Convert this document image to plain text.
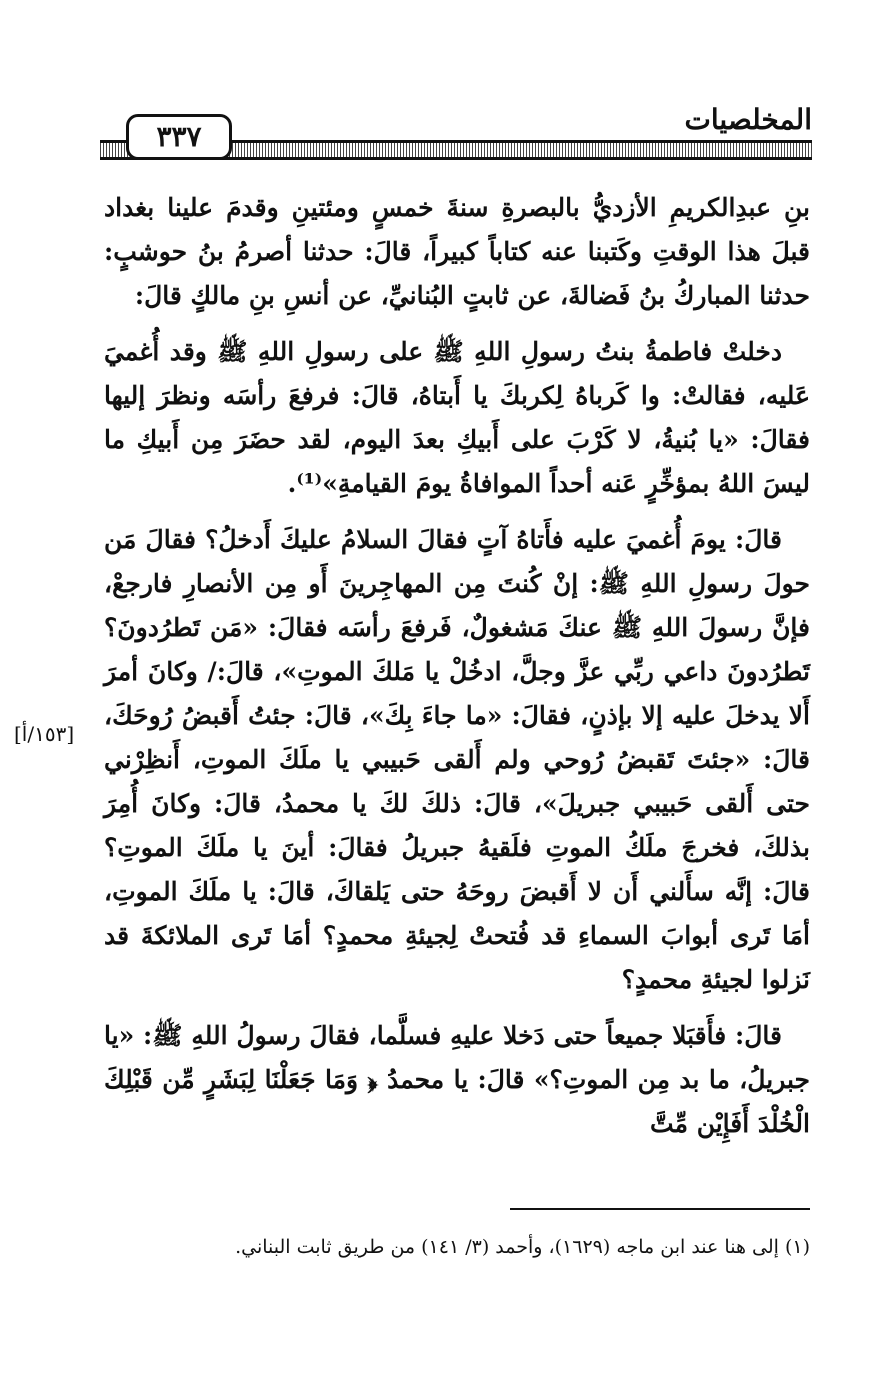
٣٣٧
المخلصيات

بنِ عبدِالكريمِ الأزديُّ بالبصرةِ سنةَ خمسٍ ومئتينِ وقدمَ علينا بغداد قبلَ هذا الوقتِ وكَتبنا عنه كتاباً كبيراً، قالَ: حدثنا أصرمُ بنُ حوشبٍ: حدثنا المباركُ بنُ فَضالةَ، عن ثابتٍ البُنانيِّ، عن أنسِ بنِ مالكٍ قالَ:

دخلتْ فاطمةُ بنتُ رسولِ اللهِ ﷺ على رسولِ اللهِ ﷺ وقد أُغميَ عَليه، فقالتْ: وا كَرباهُ لِكربكَ يا أَبتاهُ، قالَ: فرفعَ رأسَه ونظرَ إليها فقالَ: «يا بُنيةُ، لا كَرْبَ على أَبيكِ بعدَ اليوم، لقد حضَرَ مِن أَبيكِ ما ليسَ اللهُ بمؤخِّرٍ عَنه أحداً الموافاةُ يومَ القيامةِ»⁽¹⁾.

قالَ: يومَ أُغميَ عليه فأَتاهُ آتٍ فقالَ السلامُ عليكَ أَدخلُ؟ فقالَ مَن حولَ رسولِ اللهِ ﷺ: إنْ كُنتَ مِن المهاجِرينَ أَو مِن الأنصارِ فارجعْ، فإنَّ رسولَ اللهِ ﷺ عنكَ مَشغولٌ، فَرفعَ رأسَه فقالَ: «مَن تَطرُدونَ؟ تَطرُدونَ داعي ربِّي عزَّ وجلَّ، ادخُلْ يا مَلكَ الموتِ»، قالَ:/ وكانَ أمرَ أَلا يدخلَ عليه إلا بإذنٍ، فقالَ: «ما جاءَ بِكَ»، قالَ: جئتُ أَقبضُ رُوحَكَ، قالَ: «جئتَ تَقبضُ رُوحي ولم أَلقى حَبيبي يا ملَكَ الموتِ، أَنظِرْني حتى أَلقى حَبيبي جبريلَ»، قالَ: ذلكَ لكَ يا محمدُ، قالَ: وكانَ أُمِرَ بذلكَ، فخرجَ ملَكُ الموتِ فلَقيهُ جبريلُ فقالَ: أينَ يا ملَكَ الموتِ؟ قالَ: إنَّه سأَلني أَن لا أَقبضَ روحَهُ حتى يَلقاكَ، قالَ: يا ملَكَ الموتِ، أمَا تَرى أبوابَ السماءِ قد فُتحتْ لِجيئةِ محمدٍ؟ أمَا تَرى الملائكةَ قد نَزلوا لجيئةِ محمدٍ؟

قالَ: فأَقبَلا جميعاً حتى دَخلا عليهِ فسلَّما، فقالَ رسولُ اللهِ ﷺ: «يا جبريلُ، ما بد مِن الموتِ؟» قالَ: يا محمدُ ﴿ وَمَا جَعَلْنَا لِبَشَرٍ مِّن قَبْلِكَ الْخُلْدَ أَفَإِيْن مِّتَّ

[١٥٣/أ]
(١) إلى هنا عند ابن ماجه (١٦٢٩)، وأحمد (٣/ ١٤١) من طريق ثابت البناني.
